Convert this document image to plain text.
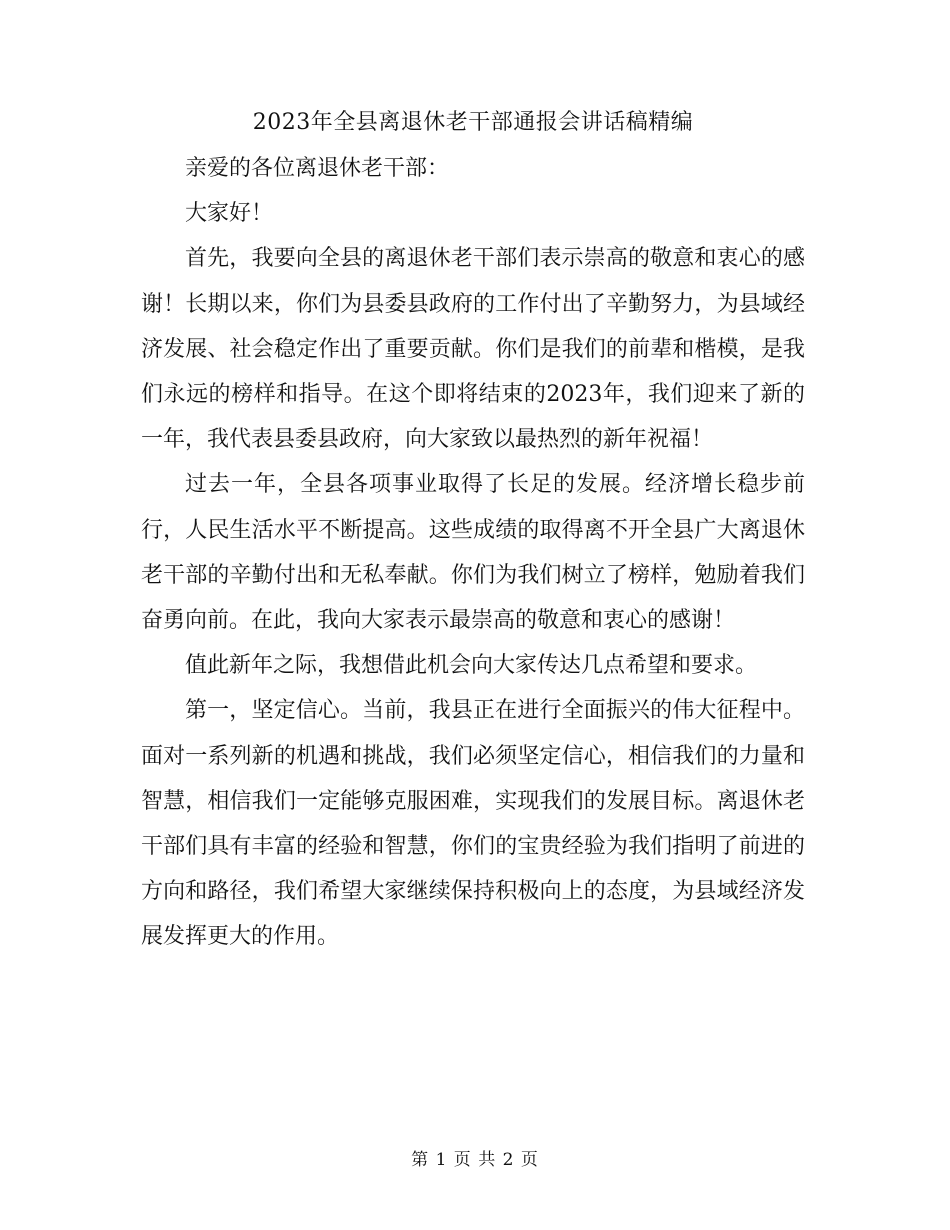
2023年全县离退休老干部通报会讲话稿精编

亲爱的各位离退休老干部：

大家好！

首先，我要向全县的离退休老干部们表示崇高的敬意和衷心的感谢！长期以来，你们为县委县政府的工作付出了辛勤努力，为县域经济发展、社会稳定作出了重要贡献。你们是我们的前辈和楷模，是我们永远的榜样和指导。在这个即将结束的2023年，我们迎来了新的一年，我代表县委县政府，向大家致以最热烈的新年祝福！

过去一年，全县各项事业取得了长足的发展。经济增长稳步前行，人民生活水平不断提高。这些成绩的取得离不开全县广大离退休老干部的辛勤付出和无私奉献。你们为我们树立了榜样，勉励着我们奋勇向前。在此，我向大家表示最崇高的敬意和衷心的感谢！

值此新年之际，我想借此机会向大家传达几点希望和要求。

第一，坚定信心。当前，我县正在进行全面振兴的伟大征程中。面对一系列新的机遇和挑战，我们必须坚定信心，相信我们的力量和智慧，相信我们一定能够克服困难，实现我们的发展目标。离退休老干部们具有丰富的经验和智慧，你们的宝贵经验为我们指明了前进的方向和路径，我们希望大家继续保持积极向上的态度，为县域经济发展发挥更大的作用。

第 1 页 共 2 页
